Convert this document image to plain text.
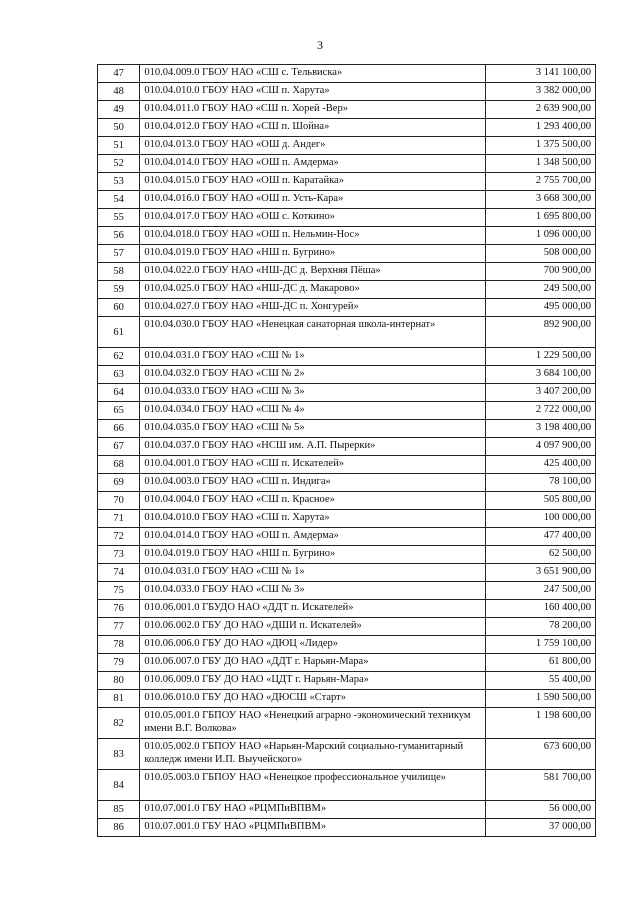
3
47	010.04.009.0 ГБОУ НАО «СШ с. Тельвиска»	3 141 100,00
48	010.04.010.0 ГБОУ НАО «СШ п. Харута»	3 382 000,00
49	010.04.011.0 ГБОУ НАО «СШ п. Хорей -Вер»	2 639 900,00
50	010.04.012.0 ГБОУ НАО «СШ п. Шойна»	1 293 400,00
51	010.04.013.0 ГБОУ НАО «ОШ д. Андег»	1 375 500,00
52	010.04.014.0 ГБОУ НАО «ОШ п. Амдерма»	1 348 500,00
53	010.04.015.0 ГБОУ НАО «ОШ п. Каратайка»	2 755 700,00
54	010.04.016.0 ГБОУ НАО «ОШ п. Усть-Кара»	3 668 300,00
55	010.04.017.0 ГБОУ НАО «ОШ с. Коткино»	1 695 800,00
56	010.04.018.0 ГБОУ НАО «ОШ п. Нельмин-Нос»	1 096 000,00
57	010.04.019.0 ГБОУ НАО «НШ п. Бугрино»	508 000,00
58	010.04.022.0 ГБОУ НАО «НШ-ДС д. Верхняя Пёша»	700 900,00
59	010.04.025.0 ГБОУ НАО «НШ-ДС д. Макарово»	249 500,00
60	010.04.027.0 ГБОУ НАО «НШ-ДС п. Хонгурей»	495 000,00
61	010.04.030.0 ГБОУ НАО «Ненецкая санаторная школа-интернат»	892 900,00
62	010.04.031.0 ГБОУ НАО «СШ № 1»	1 229 500,00
63	010.04.032.0 ГБОУ НАО «СШ № 2»	3 684 100,00
64	010.04.033.0 ГБОУ НАО «СШ № 3»	3 407 200,00
65	010.04.034.0 ГБОУ НАО «СШ № 4»	2 722 000,00
66	010.04.035.0 ГБОУ НАО «СШ № 5»	3 198 400,00
67	010.04.037.0 ГБОУ НАО «НСШ им. А.П. Пырерки»	4 097 900,00
68	010.04.001.0 ГБОУ НАО «СШ п. Искателей»	425 400,00
69	010.04.003.0 ГБОУ НАО «СШ п. Индига»	78 100,00
70	010.04.004.0 ГБОУ НАО «СШ п. Красное»	505 800,00
71	010.04.010.0 ГБОУ НАО «СШ п. Харута»	100 000,00
72	010.04.014.0 ГБОУ НАО «ОШ п. Амдерма»	477 400,00
73	010.04.019.0 ГБОУ НАО «НШ п. Бугрино»	62 500,00
74	010.04.031.0 ГБОУ НАО «СШ № 1»	3 651 900,00
75	010.04.033.0 ГБОУ НАО «СШ № 3»	247 500,00
76	010.06.001.0 ГБУДО НАО «ДДТ п. Искателей»	160 400,00
77	010.06.002.0 ГБУ ДО НАО «ДШИ п. Искателей»	78 200,00
78	010.06.006.0 ГБУ ДО НАО «ДЮЦ «Лидер»	1 759 100,00
79	010.06.007.0 ГБУ ДО НАО «ДДТ г. Нарьян-Мара»	61 800,00
80	010.06.009.0 ГБУ ДО НАО «ЦДТ г. Нарьян-Мара»	55 400,00
81	010.06.010.0 ГБУ ДО НАО «ДЮСШ «Старт»	1 590 500,00
82	010.05.001.0 ГБПОУ НАО «Ненецкий аграрно -экономический техникум имени В.Г. Волкова»	1 198 600,00
83	010.05.002.0 ГБПОУ НАО «Нарьян-Марский социально-гуманитарный колледж имени И.П. Выучейского»	673 600,00
84	010.05.003.0 ГБПОУ НАО «Ненецкое профессиональное училище»	581 700,00
85	010.07.001.0 ГБУ НАО «РЦМПиВПВМ»	56 000,00
86	010.07.001.0 ГБУ НАО «РЦМПиВПВМ»	37 000,00
